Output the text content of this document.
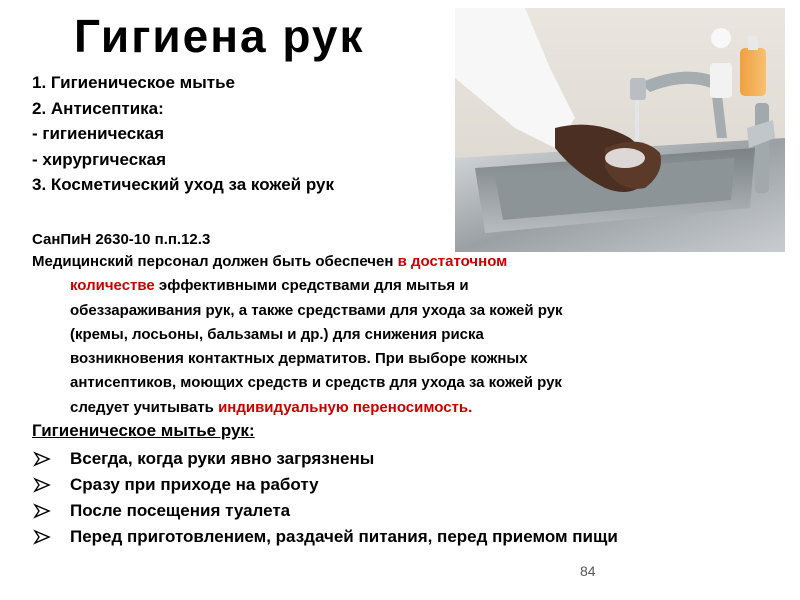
Гигиена рук
1. Гигиеническое мытье
2. Антисептика:
- гигиеническая
- хирургическая
3. Косметический уход за кожей рук
СанПиН 2630-10 п.п.12.3
Медицинский персонал должен быть обеспечен в достаточном
количестве эффективными средствами для мытья и
обеззараживания рук, а также средствами для ухода за кожей рук
(кремы, лосьоны, бальзамы и др.) для снижения риска
возникновения контактных дерматитов. При выборе кожных
антисептиков, моющих средств и средств для ухода за кожей рук
следует учитывать индивидуальную переносимость.
Гигиеническое мытье рук:
Всегда, когда руки явно загрязнены
Сразу при приходе на работу
После посещения туалета
Перед приготовлением, раздачей питания, перед приемом пищи
84
